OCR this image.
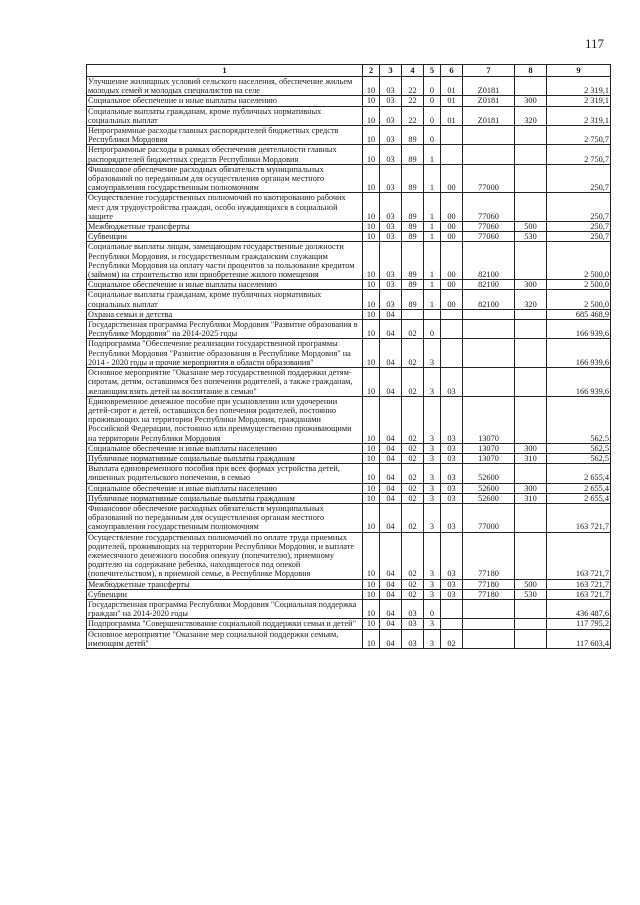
117
1	2	3	4	5	6	7	8	9
Улучшение жилищных условий сельского населения, обеспечение жильем молодых семей и молодых специалистов на селе	10	03	22	0	01	Z0181		2 319,1
Социальное обеспечение и иные выплаты населению	10	03	22	0	01	Z0181	300	2 319,1
Социальные выплаты гражданам, кроме публичных нормативных социальных выплат	10	03	22	0	01	Z0181	320	2 319,1
Непрограммные расходы главных распорядителей бюджетных средств Республики Мордовия	10	03	89	0				2 750,7
Непрограммные расходы в рамках обеспечения деятельности главных распорядителей бюджетных средств Республики Мордовия	10	03	89	1				2 750,7
Финансовое обеспечение расходных обязательств муниципальных образований по переданным для осуществления органам местного самоуправления государственным полномочиям	10	03	89	1	00	77000		250,7
Осуществление государственных полномочий по квотированию рабочих мест для трудоустройства граждан, особо нуждающихся в социальной защите	10	03	89	1	00	77060		250,7
Межбюджетные трансферты	10	03	89	1	00	77060	500	250,7
Субвенции	10	03	89	1	00	77060	530	250,7
Социальные выплаты лицам, замещающим государственные должности Республики Мордовия, и государственным гражданским служащим Республики Мордовия на оплату части процентов за пользование кредитом (займом) на строительство или приобретение жилого помещения	10	03	89	1	00	82100		2 500,0
Социальное обеспечение и иные выплаты населению	10	03	89	1	00	82100	300	2 500,0
Социальные выплаты гражданам, кроме публичных нормативных социальных выплат	10	03	89	1	00	82100	320	2 500,0
Охрана семьи и детства	10	04						685 468,9
Государственная программа Республики Мордовия "Развитие образования в Республике Мордовия" на 2014-2025 годы	10	04	02	0				166 939,6
Подпрограмма "Обеспечение реализации государственной программы Республики Мордовия "Развитие образования в Республике Мордовия" на 2014 - 2020 годы и прочие мероприятия в области образования"	10	04	02	3				166 939,6
Основное мероприятие "Оказание мер государственной поддержки детям-сиротам, детям, оставшимся без попечения родителей, а также гражданам, желающим взять детей на воспитание в семью"	10	04	02	3	03			166 939,6
Единовременное денежное пособие при усыновлении или удочерении детей-сирот и детей, оставшихся без попечения родителей, постоянно проживающих на территории Республики Мордовия, гражданами Российской Федерации, постоянно или преимущественно проживающими на территории Республики Мордовия	10	04	02	3	03	13070		562,5
Социальное обеспечение и иные выплаты населению	10	04	02	3	03	13070	300	562,5
Публичные нормативные социальные выплаты гражданам	10	04	02	3	03	13070	310	562,5
Выплата единовременного пособия при всех формах устройства детей, лишенных родительского попечения, в семью	10	04	02	3	03	52600		2 655,4
Социальное обеспечение и иные выплаты населению	10	04	02	3	03	52600	300	2 655,4
Публичные нормативные социальные выплаты гражданам	10	04	02	3	03	52600	310	2 655,4
Финансовое обеспечение расходных обязательств муниципальных образований по переданным для осуществления органам местного самоуправления государственным полномочиям	10	04	02	3	03	77000		163 721,7
Осуществление государственных полномочий по оплате труда приемных родителей, проживающих на территории Республики Мордовия, и выплате ежемесячного денежного пособия опекуну (попечителю), приемному родителю на содержание ребенка, находящегося под опекой (попечительством), в приемной семье, в Республике Мордовия	10	04	02	3	03	77180		163 721,7
Межбюджетные трансферты	10	04	02	3	03	77180	500	163 721,7
Субвенции	10	04	02	3	03	77180	530	163 721,7
Государственная программа Республики Мордовия "Социальная поддержка граждан" на 2014-2020 годы	10	04	03	0				436 487,6
Подпрограмма "Совершенствование социальной поддержки семьи и детей"	10	04	03	3				117 795,2
Основное мероприятие "Оказание мер социальной поддержки семьям, имеющим детей"	10	04	03	3	02			117 603,4
